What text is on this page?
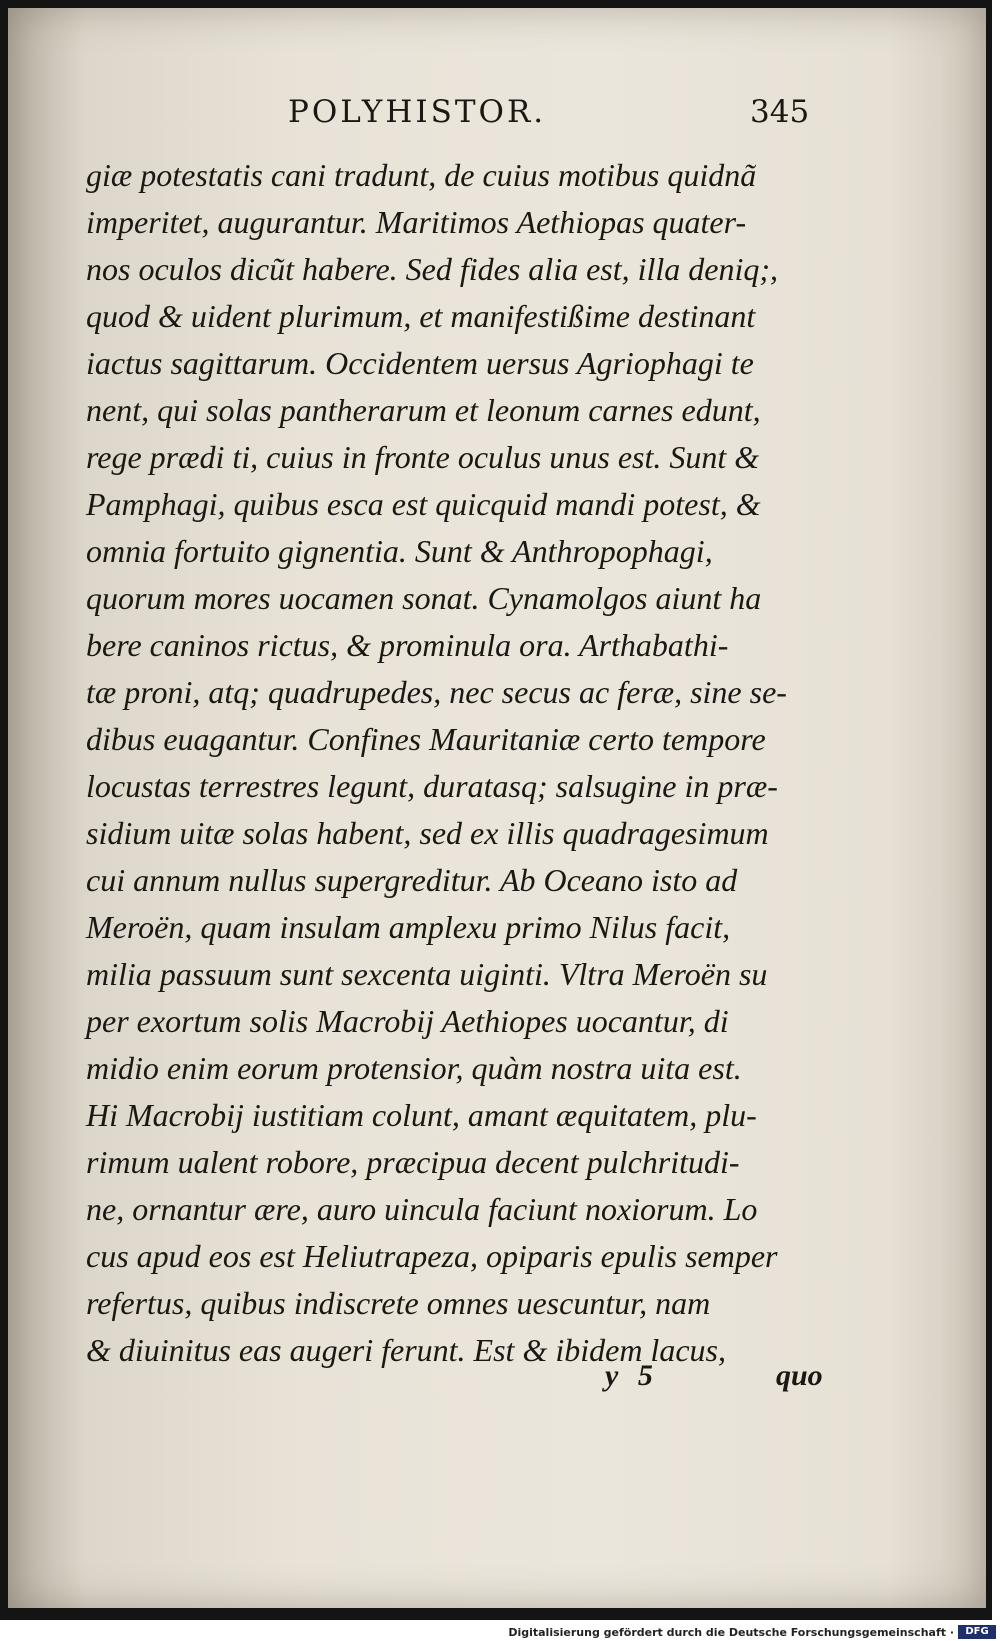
POLYHISTOR.	345
giæ potestatis cani tradunt, de cuius motibus quidnã
imperitet, augurantur. Maritimos Aethiopas quater-
nos oculos dicũt habere. Sed fides alia est, illa deniq;,
quod & uident plurimum, et manifestißime destinant
iactus sagittarum. Occidentem uersus Agriophagi te
nent, qui solas pantherarum et leonum carnes edunt,
rege prædi ti, cuius in fronte oculus unus est. Sunt &
Pamphagi, quibus esca est quicquid mandi potest, &
omnia fortuito gignentia. Sunt & Anthropophagi,
quorum mores uocamen sonat. Cynamolgos aiunt ha
bere caninos rictus, & prominula ora. Arthabathi-
tæ proni, atq; quadrupedes, nec secus ac feræ, sine se-
dibus euagantur. Confines Mauritaniæ certo tempore
locustas terrestres legunt, duratasq; salsugine in præ-
sidium uitæ solas habent, sed ex illis quadragesimum
cui annum nullus supergreditur. Ab Oceano isto ad
Meroën, quam insulam amplexu primo Nilus facit,
milia passuum sunt sexcenta uiginti. Vltra Meroën su
per exortum solis Macrobij Aethiopes uocantur, di
midio enim eorum protensior, quàm nostra uita est.
Hi Macrobij iustitiam colunt, amant æquitatem, plu-
rimum ualent robore, præcipua decent pulchritudi-
ne, ornantur ære, auro uincula faciunt noxiorum. Lo
cus apud eos est Heliutrapeza, opiparis epulis semper
refertus, quibus indiscrete omnes uescuntur, nam
& diuinitus eas augeri ferunt. Est & ibidem lacus,
y 5	quo
Digitalisierung gefördert durch die Deutsche Forschungsgemeinschaft ·	DFG
